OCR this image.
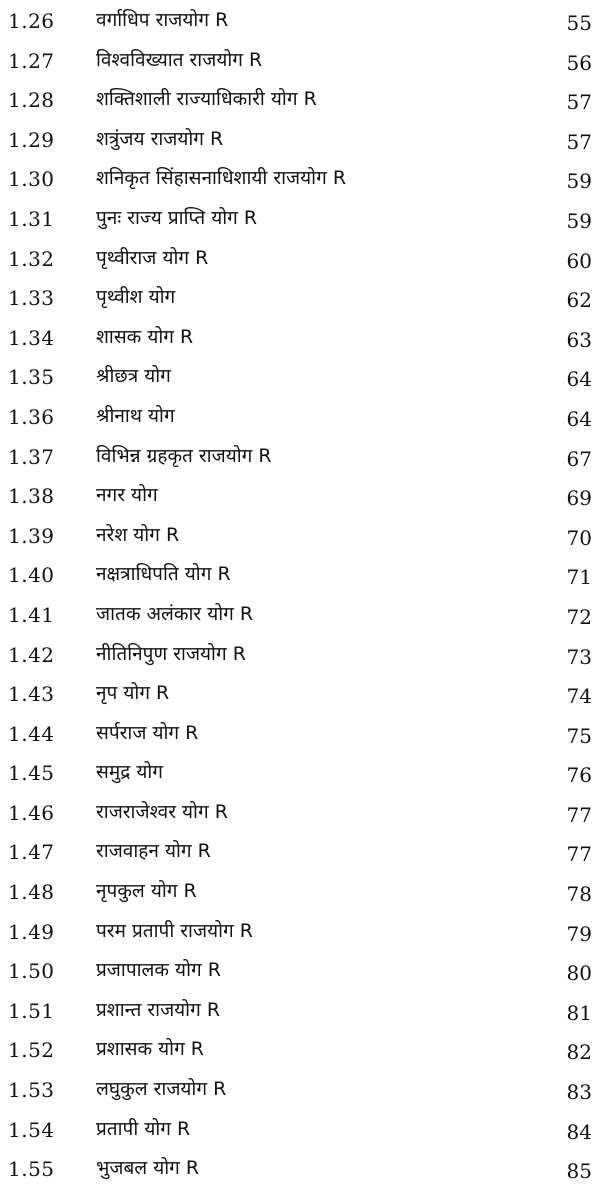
1.26 वर्गाधिप राजयोग R	55
1.27 विश्वविख्यात राजयोग R	56
1.28 शक्तिशाली राज्याधिकारी योग R	57
1.29 शत्रुंजय राजयोग R	57
1.30 शनिकृत सिंहासनाधिशायी राजयोग R	59
1.31 पुनः राज्य प्राप्ति योग R	59
1.32 पृथ्वीराज योग R	60
1.33 पृथ्वीश योग	62
1.34 शासक योग R	63
1.35 श्रीछत्र योग	64
1.36 श्रीनाथ योग	64
1.37 विभिन्न ग्रहकृत राजयोग R	67
1.38 नगर योग	69
1.39 नरेश योग R	70
1.40 नक्षत्राधिपति योग R	71
1.41 जातक अलंकार योग R	72
1.42 नीतिनिपुण राजयोग R	73
1.43 नृप योग R	74
1.44 सर्पराज योग R	75
1.45 समुद्र योग	76
1.46 राजराजेश्वर योग R	77
1.47 राजवाहन योग R	77
1.48 नृपकुल योग R	78
1.49 परम प्रतापी राजयोग R	79
1.50 प्रजापालक योग R	80
1.51 प्रशान्त राजयोग R	81
1.52 प्रशासक योग R	82
1.53 लघुकुल राजयोग R	83
1.54 प्रतापी योग R	84
1.55 भुजबल योग R	85
